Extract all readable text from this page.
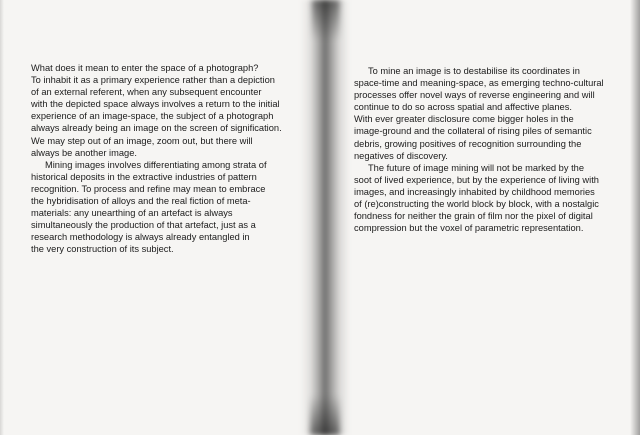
What does it mean to enter the space of a photograph?
To inhabit it as a primary experience rather than a depiction
of an external referent, when any subsequent encounter
with the depicted space always involves a return to the initial
experience of an image-space, the subject of a photograph
always already being an image on the screen of signification.
We may step out of an image, zoom out, but there will
always be another image.
Mining images involves differentiating among strata of
historical deposits in the extractive industries of pattern
recognition. To process and refine may mean to embrace
the hybridisation of alloys and the real fiction of meta-
materials: any unearthing of an artefact is always
simultaneously the production of that artefact, just as a
research methodology is always already entangled in
the very construction of its subject.
To mine an image is to destabilise its coordinates in
space-time and meaning-space, as emerging techno-cultural
processes offer novel ways of reverse engineering and will
continue to do so across spatial and affective planes.
With ever greater disclosure come bigger holes in the
image-ground and the collateral of rising piles of semantic
debris, growing positives of recognition surrounding the
negatives of discovery.
The future of image mining will not be marked by the
soot of lived experience, but by the experience of living with
images, and increasingly inhabited by childhood memories
of (re)constructing the world block by block, with a nostalgic
fondness for neither the grain of film nor the pixel of digital
compression but the voxel of parametric representation.
